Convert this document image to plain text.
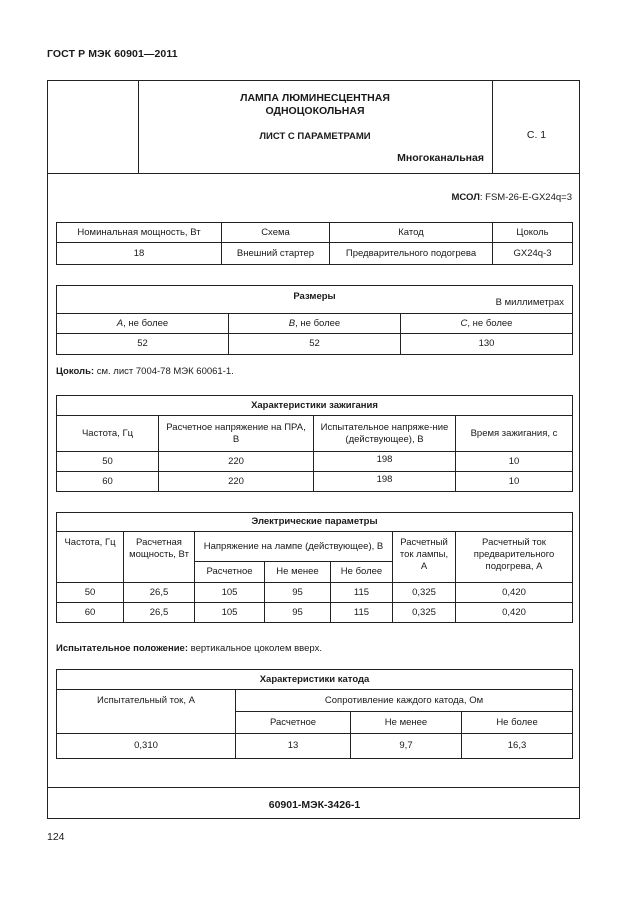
ГОСТ Р МЭК 60901—2011
ЛАМПА ЛЮМИНЕСЦЕНТНАЯ
ОДНОЦОКОЛЬНАЯ
ЛИСТ С ПАРАМЕТРАМИ
Многоканальная
С. 1
60901-МЭК-3426-1
МСОЛ: FSM-26-E-GX24q=3
Номинальная мощность, Вт	Схема	Катод	Цоколь
18	Внешний стартер	Предварительного подогрева	GX24q-3
Размеры
В миллиметрах		

A, не более	B, не более	C, не более
52	52	130
Цоколь: см. лист 7004-78 МЭК 60061-1.
Характеристики зажигания			
Частота, Гц	Расчетное напряжение на ПРА, В	Испытательное напряже-ние (действующее), В	Время зажигания, с
50	220	198	10
60	220	198	10
Электрические параметры						
Частота, Гц	Расчетная мощность, Вт	Напряжение на лампе (действующее), В			Расчетный ток лампы, А	Расчетный ток предварительного подогрева, А
		Расчетное	Не менее	Не более		
50	26,5	105	95	115	0,325	0,420
60	26,5	105	95	115	0,325	0,420
Испытательное положение: вертикальное цоколем вверх.
Характеристики катода			
Испытательный ток, А	Сопротивление каждого катода, Ом		
	Расчетное	Не менее	Не более
0,310	13	9,7	16,3
124
